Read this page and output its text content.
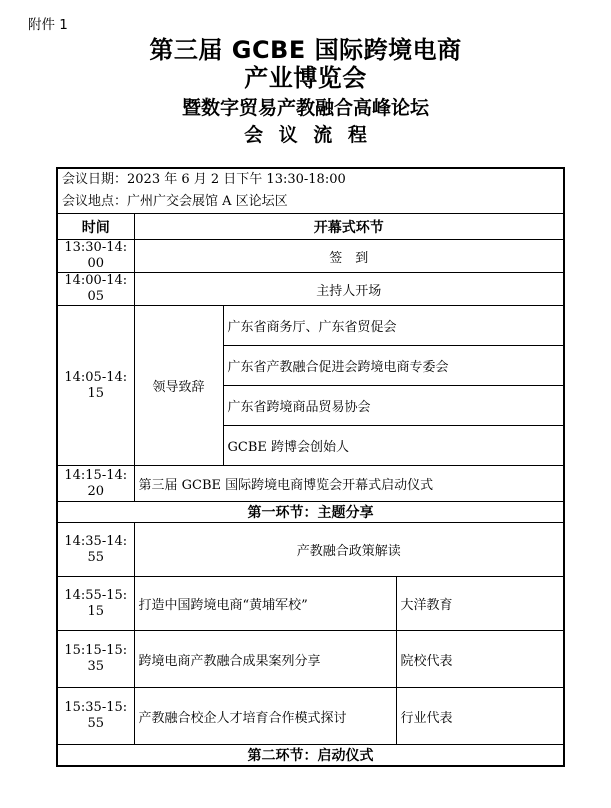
附件 1
第三届 GCBE 国际跨境电商
产业博览会
暨数字贸易产教融合高峰论坛
会 议 流 程
会议日期：2023 年 6 月 2 日下午 13:30-18:00
会议地点：广州广交会展馆 A 区论坛区			

时间	开幕式环节		
13:30-14:00	签　到		
14:00-14:05	主持人开场		
14:05-14:15	领导致辞	广东省商务厅、广东省贸促会	
		广东省产教融合促进会跨境电商专委会	
		广东省跨境商品贸易协会	
		GCBE 跨博会创始人	
14:15-14:20	第三届 GCBE 国际跨境电商博览会开幕式启动仪式		
第一环节：主题分享			
14:35-14:55	产教融合政策解读		
14:55-15:15	打造中国跨境电商“黄埔军校”		大洋教育
15:15-15:35	跨境电商产教融合成果案列分享		院校代表
15:35-15:55	产教融合校企人才培育合作模式探讨		行业代表
第二环节：启动仪式			
